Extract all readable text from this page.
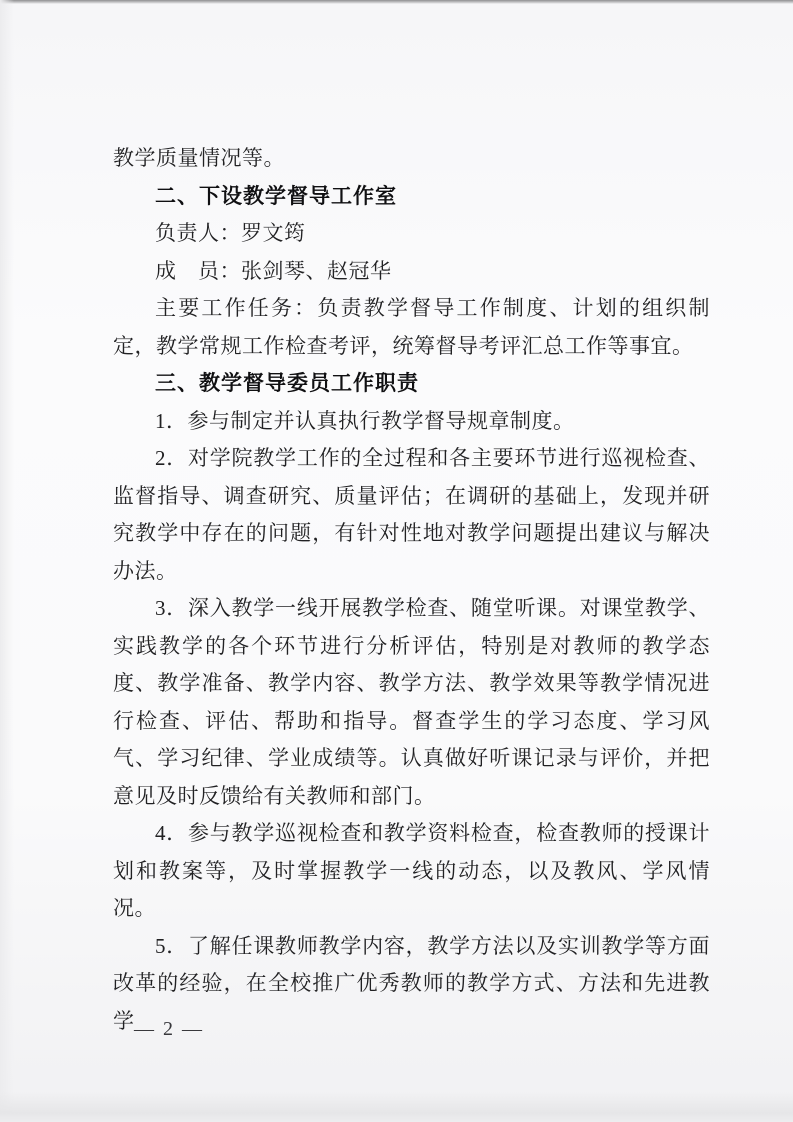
教学质量情况等。

二、下设教学督导工作室

负责人：罗文筠

成　员：张剑琴、赵冠华

主要工作任务：负责教学督导工作制度、计划的组织制定，教学常规工作检查考评，统筹督导考评汇总工作等事宜。

三、教学督导委员工作职责

1．参与制定并认真执行教学督导规章制度。

2．对学院教学工作的全过程和各主要环节进行巡视检查、监督指导、调查研究、质量评估；在调研的基础上，发现并研究教学中存在的问题，有针对性地对教学问题提出建议与解决办法。

3．深入教学一线开展教学检查、随堂听课。对课堂教学、实践教学的各个环节进行分析评估，特别是对教师的教学态度、教学准备、教学内容、教学方法、教学效果等教学情况进行检查、评估、帮助和指导。督查学生的学习态度、学习风气、学习纪律、学业成绩等。认真做好听课记录与评价，并把意见及时反馈给有关教师和部门。

4．参与教学巡视检查和教学资料检查，检查教师的授课计划和教案等，及时掌握教学一线的动态，以及教风、学风情况。

5．了解任课教师教学内容，教学方法以及实训教学等方面改革的经验，在全校推广优秀教师的教学方式、方法和先进教学 — 2 —
